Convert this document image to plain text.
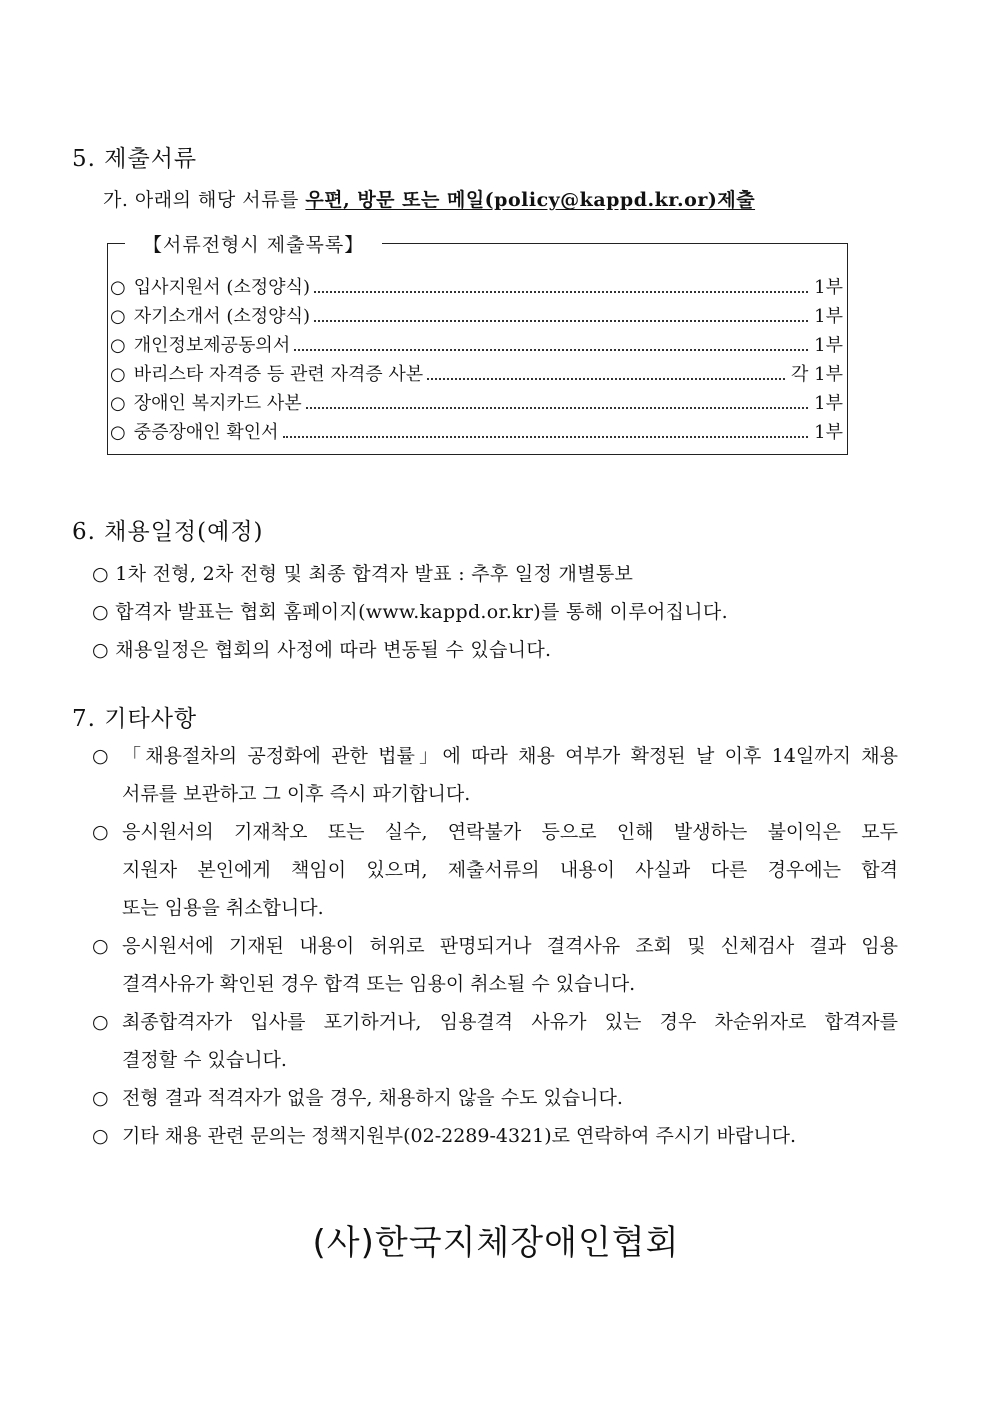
5. 제출서류
가. 아래의 해당 서류를 우편, 방문 또는 메일(policy@kappd.kr.or)제출
【서류전형시 제출목록】
○ 입사지원서 (소정양식)	1부
○ 자기소개서 (소정양식)	1부
○ 개인정보제공동의서	1부
○ 바리스타 자격증 등 관련 자격증 사본	각 1부
○ 장애인 복지카드 사본	1부
○ 중증장애인 확인서	1부
6. 채용일정(예정)
○ 1차 전형, 2차 전형 및 최종 합격자 발표 : 추후 일정 개별통보
○ 합격자 발표는 협회 홈페이지(www.kappd.or.kr)를 통해 이루어집니다.
○ 채용일정은 협회의 사정에 따라 변동될 수 있습니다.
7. 기타사항
○ 「채용절차의 공정화에 관한 법률」에 따라 채용 여부가 확정된 날 이후 14일까지 채용
서류를 보관하고 그 이후 즉시 파기합니다.
○ 응시원서의 기재착오 또는 실수, 연락불가 등으로 인해 발생하는 불이익은 모두
지원자 본인에게 책임이 있으며, 제출서류의 내용이 사실과 다른 경우에는 합격
또는 임용을 취소합니다.
○ 응시원서에 기재된 내용이 허위로 판명되거나 결격사유 조회 및 신체검사 결과 임용
결격사유가 확인된 경우 합격 또는 임용이 취소될 수 있습니다.
○ 최종합격자가 입사를 포기하거나, 임용결격 사유가 있는 경우 차순위자로 합격자를
결정할 수 있습니다.
○ 전형 결과 적격자가 없을 경우, 채용하지 않을 수도 있습니다.
○ 기타 채용 관련 문의는 정책지원부(02-2289-4321)로 연락하여 주시기 바랍니다.
(사)한국지체장애인협회
